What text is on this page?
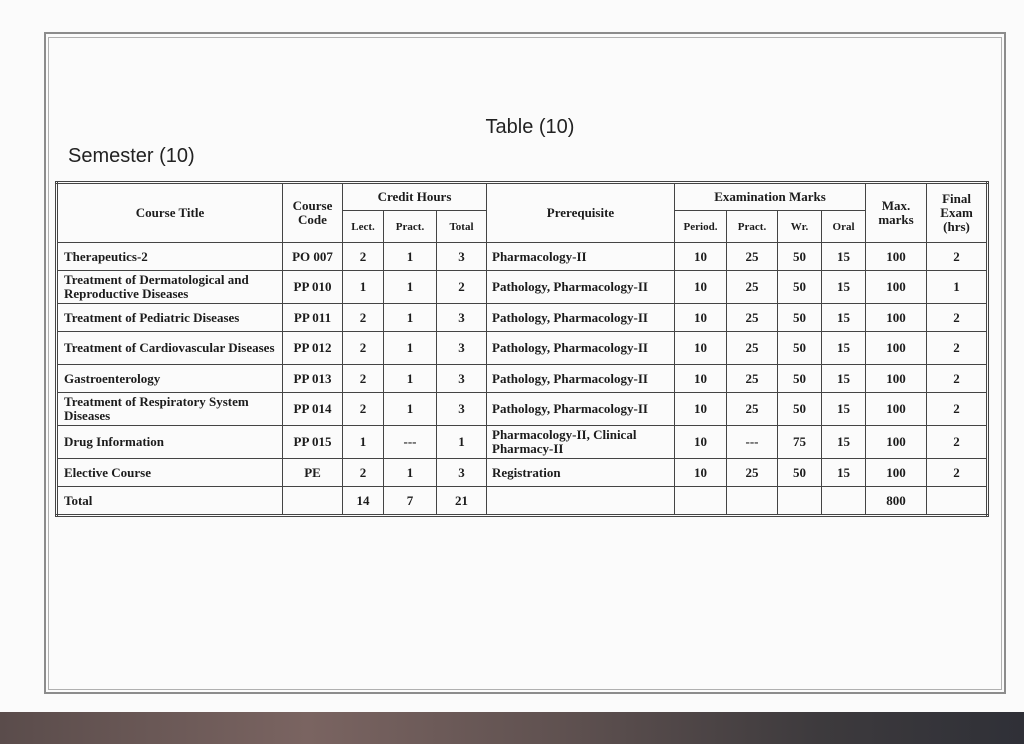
Table (10)
Semester (10)
Course Title	Course Code	Credit Hours			Prerequisite	Examination Marks				Max. marks	Final Exam (hrs)
		Lect.	Pract.	Total		Period.	Pract.	Wr.	Oral		
Therapeutics-2	PO 007	2	1	3	Pharmacology-II	10	25	50	15	100	2
Treatment of Dermatological and Reproductive Diseases	PP 010	1	1	2	Pathology, Pharmacology-II	10	25	50	15	100	1
Treatment of Pediatric Diseases	PP 011	2	1	3	Pathology, Pharmacology-II	10	25	50	15	100	2
Treatment of Cardiovascular Diseases	PP 012	2	1	3	Pathology, Pharmacology-II	10	25	50	15	100	2
Gastroenterology	PP 013	2	1	3	Pathology, Pharmacology-II	10	25	50	15	100	2
Treatment of Respiratory System Diseases	PP 014	2	1	3	Pathology, Pharmacology-II	10	25	50	15	100	2
Drug Information	PP 015	1	---	1	Pharmacology-II, Clinical Pharmacy-II	10	---	75	15	100	2
Elective Course	PE	2	1	3	Registration	10	25	50	15	100	2
Total		14	7	21						800	
